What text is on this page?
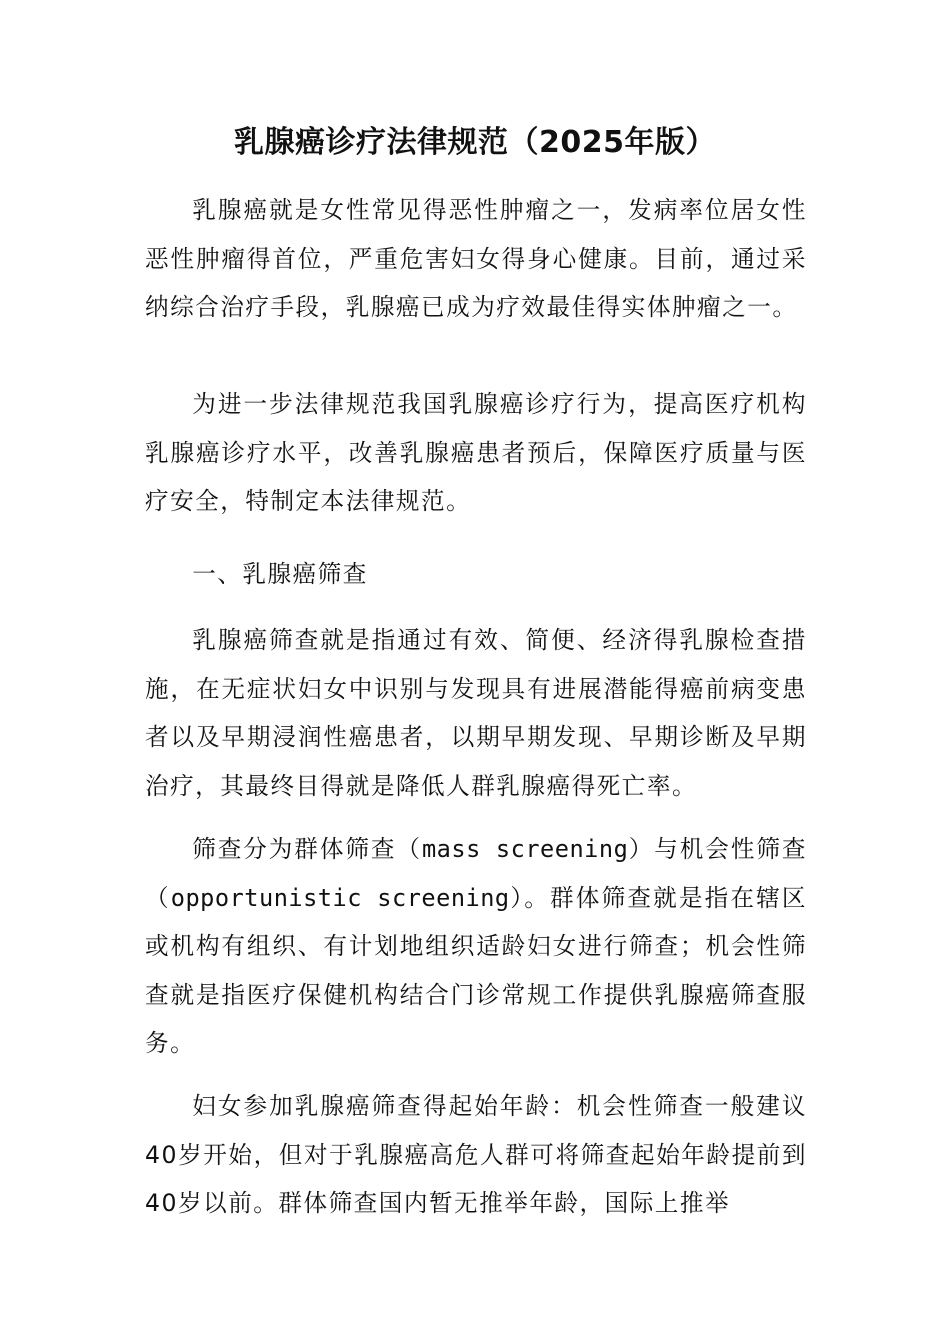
乳腺癌诊疗法律规范（2025年版）

乳腺癌就是女性常见得恶性肿瘤之一，发病率位居女性恶性肿瘤得首位，严重危害妇女得身心健康。目前，通过采纳综合治疗手段，乳腺癌已成为疗效最佳得实体肿瘤之一。

为进一步法律规范我国乳腺癌诊疗行为，提高医疗机构乳腺癌诊疗水平，改善乳腺癌患者预后，保障医疗质量与医疗安全，特制定本法律规范。

一、乳腺癌筛查

乳腺癌筛查就是指通过有效、简便、经济得乳腺检查措施，在无症状妇女中识别与发现具有进展潜能得癌前病变患者以及早期浸润性癌患者，以期早期发现、早期诊断及早期治疗，其最终目得就是降低人群乳腺癌得死亡率。

筛查分为群体筛查（mass screening）与机会性筛查（opportunistic screening）。群体筛查就是指在辖区或机构有组织、有计划地组织适龄妇女进行筛查；机会性筛查就是指医疗保健机构结合门诊常规工作提供乳腺癌筛查服务。

妇女参加乳腺癌筛查得起始年龄：机会性筛查一般建议40岁开始，但对于乳腺癌高危人群可将筛查起始年龄提前到40岁以前。群体筛查国内暂无推举年龄，国际上推举
